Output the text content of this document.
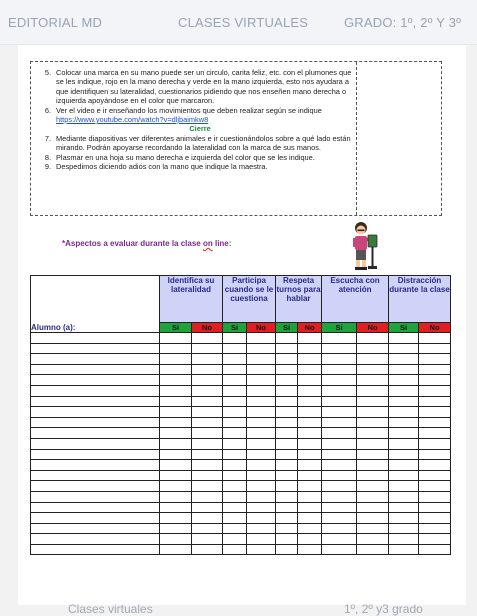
EDITORIAL MD	CLASES VIRTUALES	GRADO: 1º, 2º Y 3º
5. Colocar una marca en su mano puede ser un circulo, carita feliz, etc. con el plumones que se les indique, rojo en la mano derecha y verde en la mano izquierda, esto nos ayudara a que identifiquen su lateralidad, cuestionarios pidiendo que nos enseñen mano derecha o izquierda apoyándose en el color que marcaron.
6. Ver el video e ir enseñando los movimientos que deben realizar según se indique https://www.youtube.com/watch?v=dljbaimkw8
Cierre
7. Mediante diapositivas ver diferentes animales e ir cuestionándolos sobre a qué lado están mirando. Podrán apoyarse recordando la lateralidad con la marca de sus manos.
8. Plasmar en una hoja su mano derecha e izquierda del color que se les indique.
9. Despedimos diciendo adiós con la mano que indique la maestra.
*Aspectos a evaluar durante la clase on line:
Alumno (a):	Identifica su lateralidad		Participa cuando se le cuestiona		Respeta turnos para hablar		Escucha con atención		Distracción durante la clase	
	Si	No	Si	No	Si	No	Si	No	Si	No

Clases virtuales	1º, 2º y3 grado
